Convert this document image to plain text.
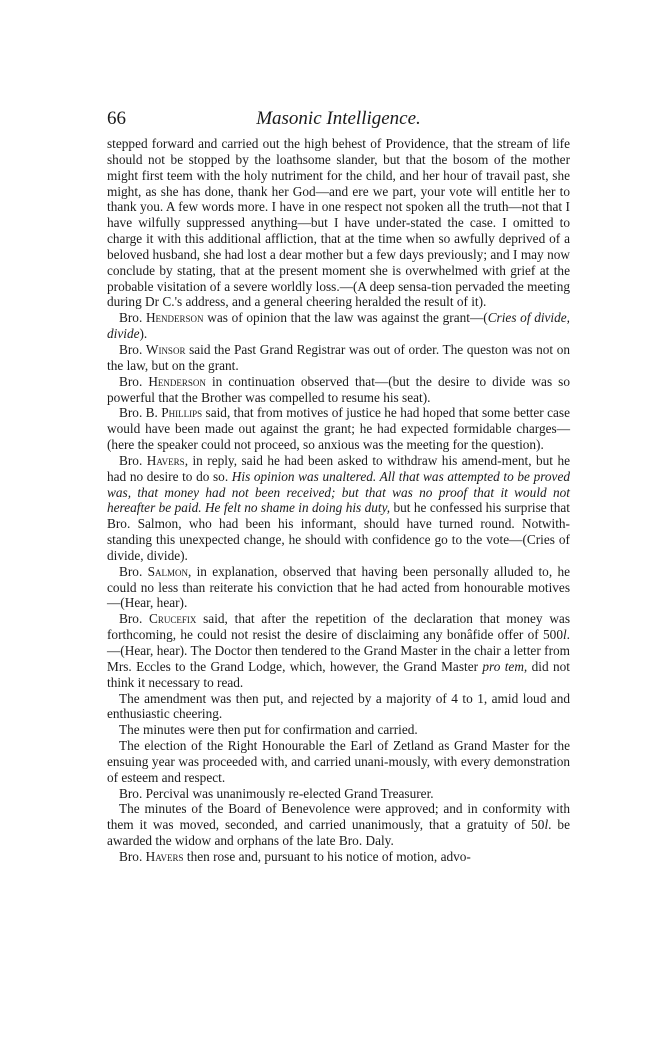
66	Masonic Intelligence.

stepped forward and carried out the high behest of Providence, that the stream of life should not be stopped by the loathsome slander, but that the bosom of the mother might first teem with the holy nutriment for the child, and her hour of travail past, she might, as she has done, thank her God—and ere we part, your vote will entitle her to thank you. A few words more. I have in one respect not spoken all the truth—not that I have wilfully suppressed anything—but I have under-stated the case. I omitted to charge it with this additional affliction, that at the time when so awfully deprived of a beloved husband, she had lost a dear mother but a few days previously; and I may now conclude by stating, that at the present moment she is overwhelmed with grief at the probable visitation of a severe worldly loss.—(A deep sensa-tion pervaded the meeting during Dr C.'s address, and a general cheering heralded the result of it).

Bro. Henderson was of opinion that the law was against the grant—(Cries of divide, divide).

Bro. Winsor said the Past Grand Registrar was out of order. The queston was not on the law, but on the grant.

Bro. Henderson in continuation observed that—(but the desire to divide was so powerful that the Brother was compelled to resume his seat).

Bro. B. Phillips said, that from motives of justice he had hoped that some better case would have been made out against the grant; he had expected formidable charges—(here the speaker could not proceed, so anxious was the meeting for the question).

Bro. Havers, in reply, said he had been asked to withdraw his amend-ment, but he had no desire to do so. His opinion was unaltered. All that was attempted to be proved was, that money had not been received; but that was no proof that it would not hereafter be paid. He felt no shame in doing his duty, but he confessed his surprise that Bro. Salmon, who had been his informant, should have turned round. Notwith-standing this unexpected change, he should with confidence go to the vote—(Cries of divide, divide).

Bro. Salmon, in explanation, observed that having been personally alluded to, he could no less than reiterate his conviction that he had acted from honourable motives—(Hear, hear).

Bro. Crucefix said, that after the repetition of the declaration that money was forthcoming, he could not resist the desire of disclaiming any bonâfide offer of 500l.—(Hear, hear). The Doctor then tendered to the Grand Master in the chair a letter from Mrs. Eccles to the Grand Lodge, which, however, the Grand Master pro tem, did not think it necessary to read.

The amendment was then put, and rejected by a majority of 4 to 1, amid loud and enthusiastic cheering.

The minutes were then put for confirmation and carried.

The election of the Right Honourable the Earl of Zetland as Grand Master for the ensuing year was proceeded with, and carried unani-mously, with every demonstration of esteem and respect.

Bro. Percival was unanimously re-elected Grand Treasurer.

The minutes of the Board of Benevolence were approved; and in conformity with them it was moved, seconded, and carried unanimously, that a gratuity of 50l. be awarded the widow and orphans of the late Bro. Daly.

Bro. Havers then rose and, pursuant to his notice of motion, advo-
